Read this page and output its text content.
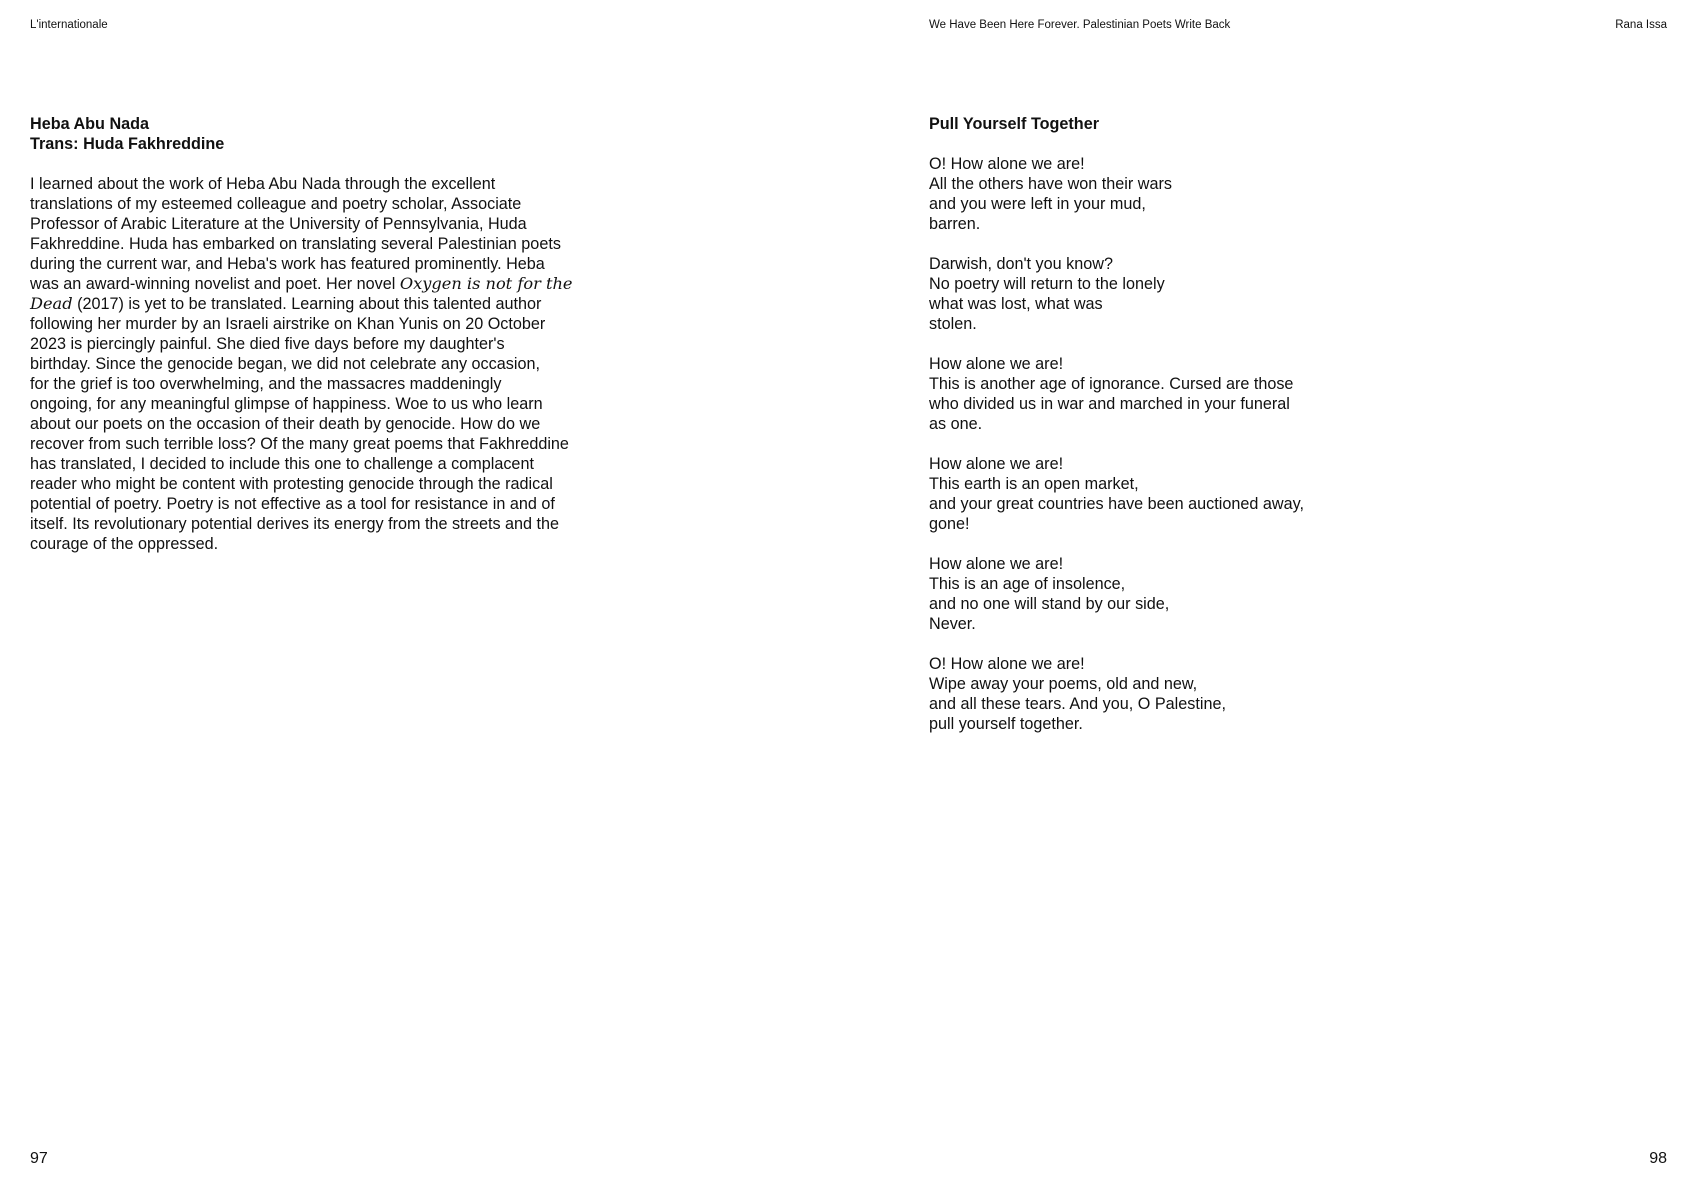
L'internationale	We Have Been Here Forever. Palestinian Poets Write Back	Rana Issa

Heba Abu Nada

Trans: Huda Fakhreddine

I learned about the work of Heba Abu Nada through the excellent
translations of my esteemed colleague and poetry scholar, Associate
Professor of Arabic Literature at the University of Pennsylvania, Huda
Fakhreddine. Huda has embarked on translating several Palestinian poets
during the current war, and Heba's work has featured prominently. Heba
was an award-winning novelist and poet. Her novel Oxygen is not for the
Dead (2017) is yet to be translated. Learning about this talented author
following her murder by an Israeli airstrike on Khan Yunis on 20 October
2023 is piercingly painful. She died five days before my daughter's
birthday. Since the genocide began, we did not celebrate any occasion,
for the grief is too overwhelming, and the massacres maddeningly
ongoing, for any meaningful glimpse of happiness. Woe to us who learn
about our poets on the occasion of their death by genocide. How do we
recover from such terrible loss? Of the many great poems that Fakhreddine
has translated, I decided to include this one to challenge a complacent
reader who might be content with protesting genocide through the radical
potential of poetry. Poetry is not effective as a tool for resistance in and of
itself. Its revolutionary potential derives its energy from the streets and the
courage of the oppressed.

Pull Yourself Together

O! How alone we are!
All the others have won their wars
and you were left in your mud,
barren.
Darwish, don't you know?
No poetry will return to the lonely
what was lost, what was
stolen.
How alone we are!
This is another age of ignorance. Cursed are those
who divided us in war and marched in your funeral
as one.
How alone we are!
This earth is an open market,
and your great countries have been auctioned away,
gone!
How alone we are!
This is an age of insolence,
and no one will stand by our side,
Never.
O! How alone we are!
Wipe away your poems, old and new,
and all these tears. And you, O Palestine,
pull yourself together.
97	98
